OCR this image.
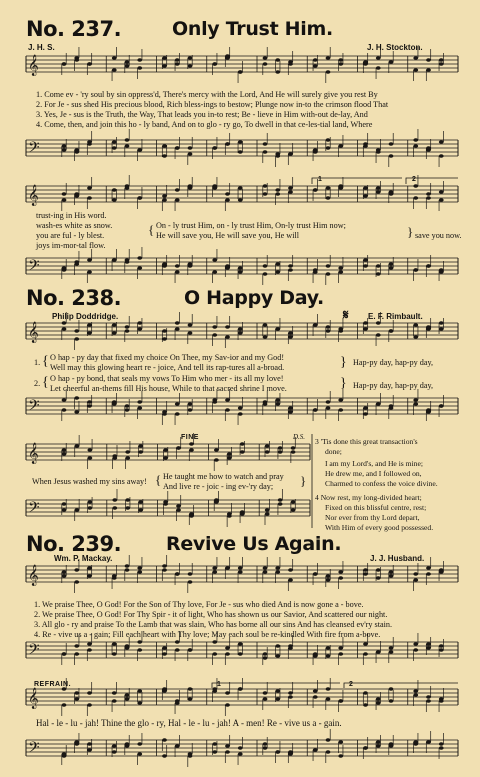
𝄞
𝄢
𝄞
𝄢
𝄞
𝄢
𝄞
𝄢
𝄞
𝄢
𝄞
𝄢
No. 237.	Only Trust Him.
J. H. S.	J. H. Stockton.
1. Come ev - 'ry soul by sin oppress'd, There's mercy with the Lord, And He will surely give you rest By
2. For Je - sus shed His precious blood, Rich bless-ings to bestow; Plunge now in-to the crimson flood That
3. Yes, Je - sus is the Truth, the Way, That leads you in-to rest; Be - lieve in Him with-out de-lay, And
4. Come, then, and join this ho - ly band, And on to glo - ry go, To dwell in that ce-les-tial land, Where
1	2
trust-ing in His word.
wash-es white as snow.
you are ful - ly blest.
joys im-mor-tal flow.
{ On - ly trust Him, on - ly trust Him, On-ly trust Him now;
He will save you, He will save you, He will	} save you now.
No. 238.	O Happy Day.
Philip Doddridge.	𝄋 E. F. Rimbault.
1. { O hap - py day that fixed my choice On Thee, my Sav-ior and my God!
Well may this glowing heart re - joice, And tell its rap-tures all a-broad.	} Hap-py day, hap-py day,
2. { O hap - py bond, that seals my vows To Him who mer - its all my love!
Let cheerful an-thems fill His house, While to that sacred shrine I move.	} Hap-py day, hap-py day,
FINE	D.S.
When Jesus washed my sins away! { He taught me how to watch and pray
And live re - joic - ing ev-'ry day; }
3 'Tis done this great transaction's
done;
I am my Lord's, and He is mine;
He drew me, and I followed on,
Charmed to confess the voice divine.
4 Now rest, my long-divided heart;
Fixed on this blissful centre, rest;
Nor ever from thy Lord depart,
With Him of every good possessed.
No. 239. Revive Us Again.
Wm. P. Mackay.	J. J. Husband.
1. We praise Thee, O God! For the Son of Thy love, For Je - sus who died And is now gone a - bove.
2. We praise Thee, O God! For Thy Spir - it of light, Who has shown us our Savior, And scattered our night.
3. All glo - ry and praise To the Lamb that was slain, Who has borne all our sins And has cleansed ev'ry stain.
4. Re - vive us a - gain; Fill each heart with Thy love; May each soul be re-kindled With fire from a-bove.
REFRAIN.	1	2
Hal - le - lu - jah! Thine the glo - ry, Hal - le - lu - jah! A - men! Re - vive us a - gain.
